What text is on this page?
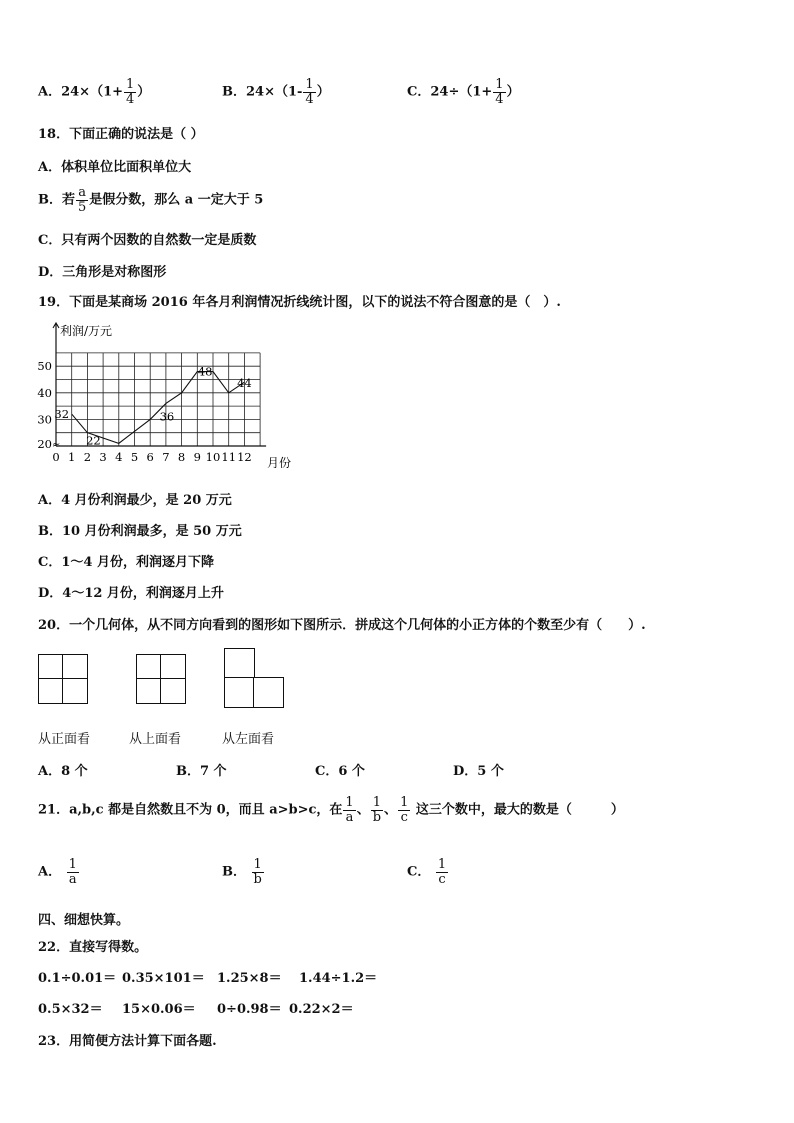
A．$24\times(1+ \frac{1}{4}$ ）	B．$24\times(1- \frac{1}{4}$ ）	C．$24\div(1+ \frac{1}{4}$ ）
18．下面正确的说法是（ ）
A．体积单位比面积单位大
B．若 $\frac{a}{5}$ 是假分数，那么 a 一定大于 5
C．只有两个因数的自然数一定是质数
D．三角形是对称图形
19．下面是某商场 2016 年各月利润情况折线统计图，以下的说法不符合图意的是（　）.
0 1 2 3 4 5 6 7 8 9 10 11 12
20
30
40
50
32
22
36
48
44
利润/万元
月份
≈
A．4 月份利润最少，是 20 万元
B．10 月份利润最多，是 50 万元
C．1～4 月份，利润逐月下降
D．4～12 月份，利润逐月上升
20．一个几何体，从不同方向看到的图形如下图所示．拼成这个几何体的小正方体的个数至少有（　　）.
从正面看	从上面看	从左面看
A．8 个	B．7 个	C．6 个	D．5 个
21．a,b,c 都是自然数且不为 0，而且 a>b>c，在 $\frac{1}{a}$ 、 $\frac{1}{b}$ 、 $\frac{1}{c}$ 这三个数中，最大的数是（　　　）
A． $\frac{1}{a}$	B． $\frac{1}{b}$	C． $\frac{1}{c}$
四、细想快算。
22．直接写得数。
0.1÷0.01＝ 0.35×101＝ 1.25×8＝ 1.44÷1.2＝
0.5×32＝ 15×0.06＝ 0÷0.98＝ 0.22×2＝
23．用简便方法计算下面各题.
